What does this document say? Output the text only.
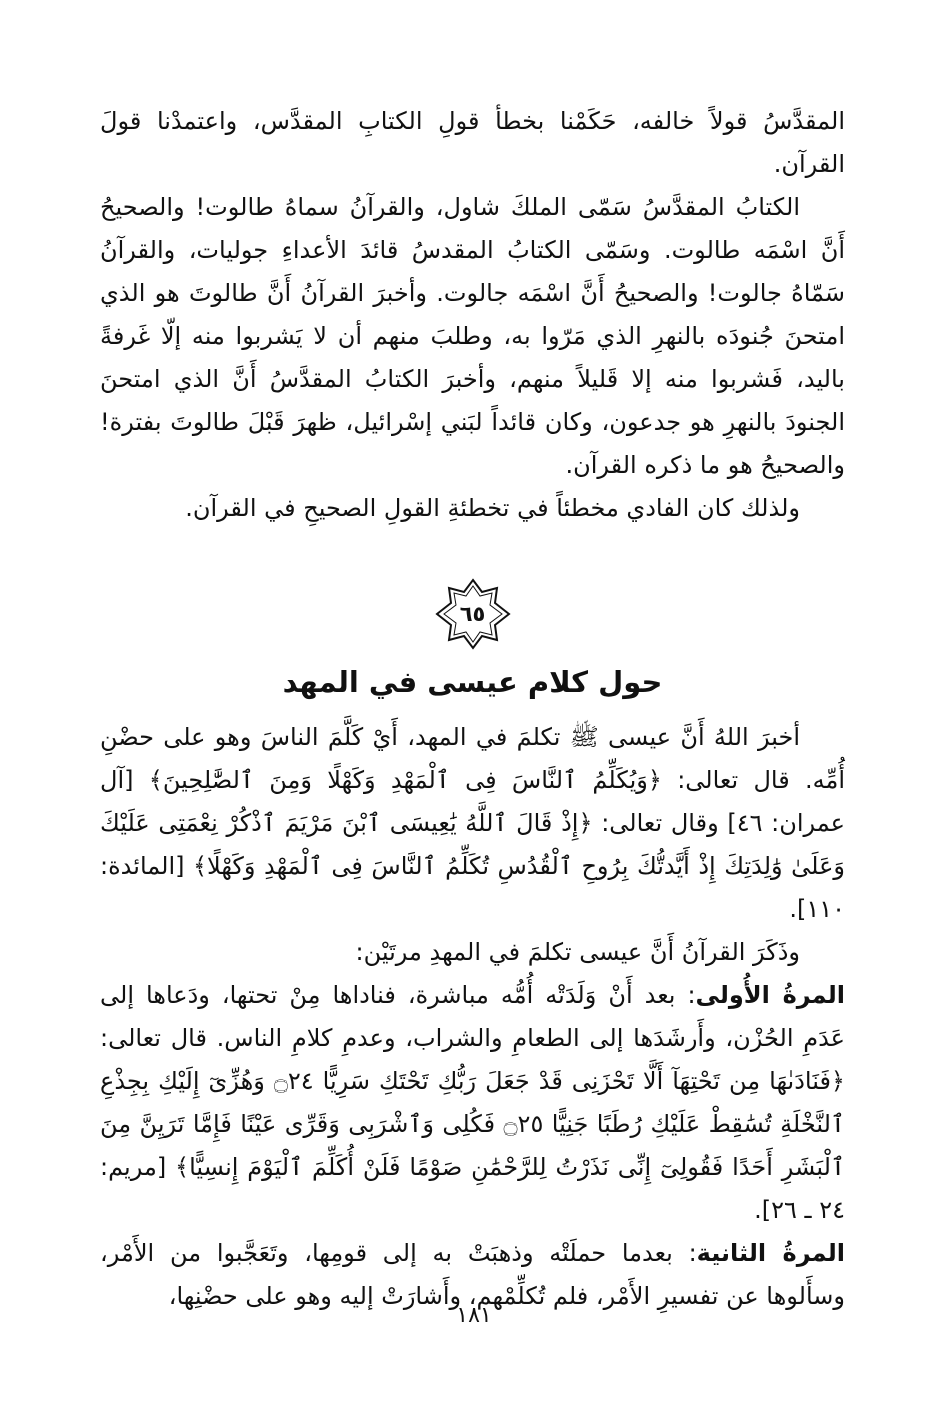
المقدَّسُ قولاً خالفه، حَكَمْنا بخطأ قولِ الكتابِ المقدَّس، واعتمدْنا قولَ القرآن.

الكتابُ المقدَّسُ سَمّى الملكَ شاول، والقرآنُ سماهُ طالوت! والصحيحُ أَنَّ اسْمَه طالوت. وسَمّى الكتابُ المقدسُ قائدَ الأعداءِ جوليات، والقرآنُ سَمّاهُ جالوت! والصحيحُ أَنَّ اسْمَه جالوت. وأخبرَ القرآنُ أَنَّ طالوتَ هو الذي امتحنَ جُنودَه بالنهرِ الذي مَرّوا به، وطلبَ منهم أن لا يَشربوا منه إلّا غَرفةً باليد، فَشربوا منه إلا قَليلاً منهم، وأخبرَ الكتابُ المقدَّسُ أَنَّ الذي امتحنَ الجنودَ بالنهرِ هو جدعون، وكان قائداً لبَني إسْرائيل، ظهرَ قَبْلَ طالوتَ بفترة! والصحيحُ هو ما ذكره القرآن.

ولذلك كان الفادي مخطئاً في تخطئةِ القولِ الصحيحِ في القرآن.

٦٥
حول كلام عيسى في المهد

أخبرَ اللهُ أَنَّ عيسى ﷺ تكلمَ في المهد، أَيْ كَلَّمَ الناسَ وهو على حضْنِ أُمِّه. قال تعالى: ﴿وَيُكَلِّمُ ٱلنَّاسَ فِى ٱلْمَهْدِ وَكَهْلًا وَمِنَ ٱلصَّٰلِحِينَ﴾ [آل عمران: ٤٦] وقال تعالى: ﴿إِذْ قَالَ ٱللَّهُ يَٰعِيسَى ٱبْنَ مَرْيَمَ ٱذْكُرْ نِعْمَتِى عَلَيْكَ وَعَلَىٰ وَٰلِدَتِكَ إِذْ أَيَّدتُّكَ بِرُوحِ ٱلْقُدُسِ تُكَلِّمُ ٱلنَّاسَ فِى ٱلْمَهْدِ وَكَهْلًا﴾ [المائدة: ١١٠].

وذَكَرَ القرآنُ أَنَّ عيسى تكلمَ في المهدِ مرتَيْن:

المرةُ الأُولى: بعد أَنْ وَلَدَتْه أُمُّه مباشرة، فناداها مِنْ تحتها، ودَعاها إلى عَدَمِ الحُزْن، وأَرشَدَها إلى الطعامِ والشراب، وعدمِ كلامِ الناس. قال تعالى: ﴿فَنَادَىٰهَا مِن تَحْتِهَآ أَلَّا تَحْزَنِى قَدْ جَعَلَ رَبُّكِ تَحْتَكِ سَرِيًّا ۝٢٤ وَهُزِّىٓ إِلَيْكِ بِجِذْعِ ٱلنَّخْلَةِ تُسَٰقِطْ عَلَيْكِ رُطَبًا جَنِيًّا ۝٢٥ فَكُلِى وَٱشْرَبِى وَقَرِّى عَيْنًا فَإِمَّا تَرَيِنَّ مِنَ ٱلْبَشَرِ أَحَدًا فَقُولِىٓ إِنِّى نَذَرْتُ لِلرَّحْمَٰنِ صَوْمًا فَلَنْ أُكَلِّمَ ٱلْيَوْمَ إِنسِيًّا﴾ [مريم: ٢٤ ـ ٢٦].

المرةُ الثانية: بعدما حملَتْه وذهبَتْ به إلى قومِها، وتَعَجَّبوا من الأَمْر، وسأَلوها عن تفسيرِ الأَمْر، فلم تُكلِّمْهم، وأَشارَتْ إليه وهو على حضْنِها،

١٨١
